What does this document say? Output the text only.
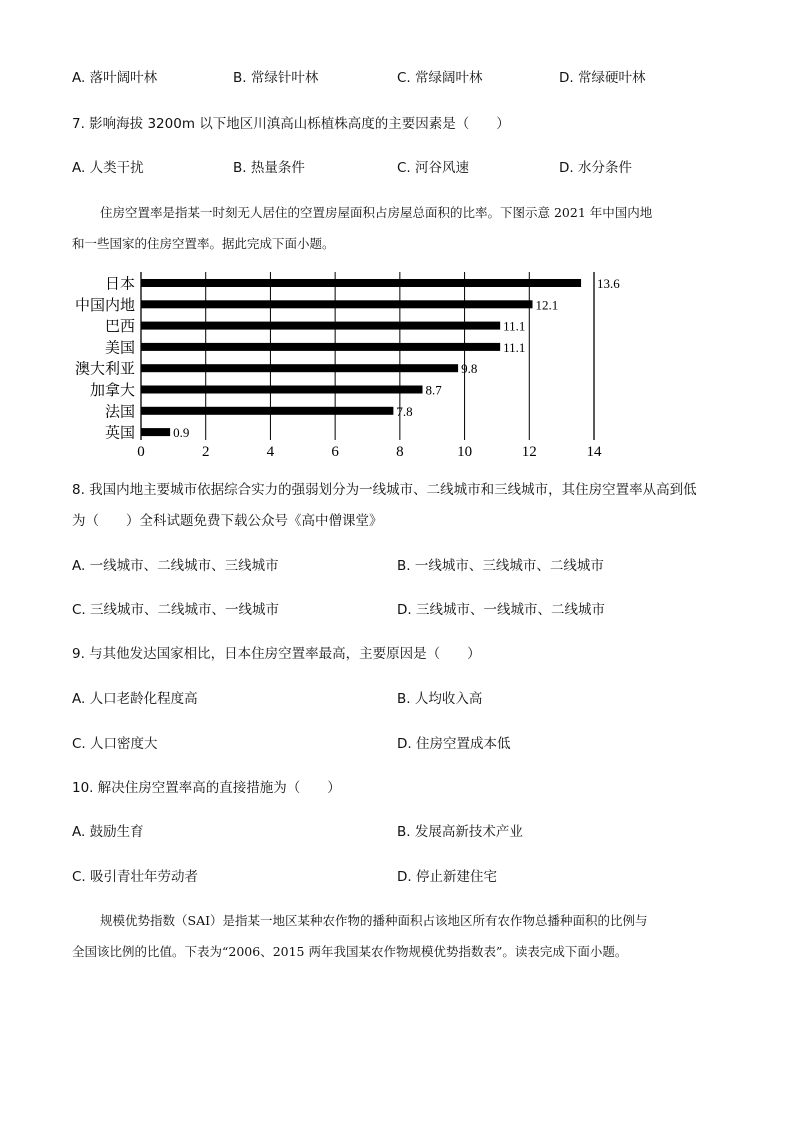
A. 落叶阔叶林	B. 常绿针叶林	C. 常绿阔叶林	D. 常绿硬叶林
7. 影响海拔 3200m 以下地区川滇高山栎植株高度的主要因素是（　　）
A. 人类干扰	B. 热量条件	C. 河谷风速	D. 水分条件
住房空置率是指某一时刻无人居住的空置房屋面积占房屋总面积的比率。下图示意 2021 年中国内地
和一些国家的住房空置率。据此完成下面小题。
0	2	4	6	8	10	12	14
日本	13.6
中国内地	12.1
巴西	11.1
美国	11.1
澳大利亚	9.8
加拿大	8.7
法国	7.8
英国	0.9
8. 我国内地主要城市依据综合实力的强弱划分为一线城市、二线城市和三线城市，其住房空置率从高到低
为（　　）全科试题免费下载公众号《高中僧课堂》
A. 一线城市、二线城市、三线城市	B. 一线城市、三线城市、二线城市
C. 三线城市、二线城市、一线城市	D. 三线城市、一线城市、二线城市
9. 与其他发达国家相比，日本住房空置率最高，主要原因是（　　）
A. 人口老龄化程度高	B. 人均收入高
C. 人口密度大	D. 住房空置成本低
10. 解决住房空置率高的直接措施为（　　）
A. 鼓励生育	B. 发展高新技术产业
C. 吸引青壮年劳动者	D. 停止新建住宅
规模优势指数（SAI）是指某一地区某种农作物的播种面积占该地区所有农作物总播种面积的比例与
全国该比例的比值。下表为“2006、2015 两年我国某农作物规模优势指数表”。读表完成下面小题。
